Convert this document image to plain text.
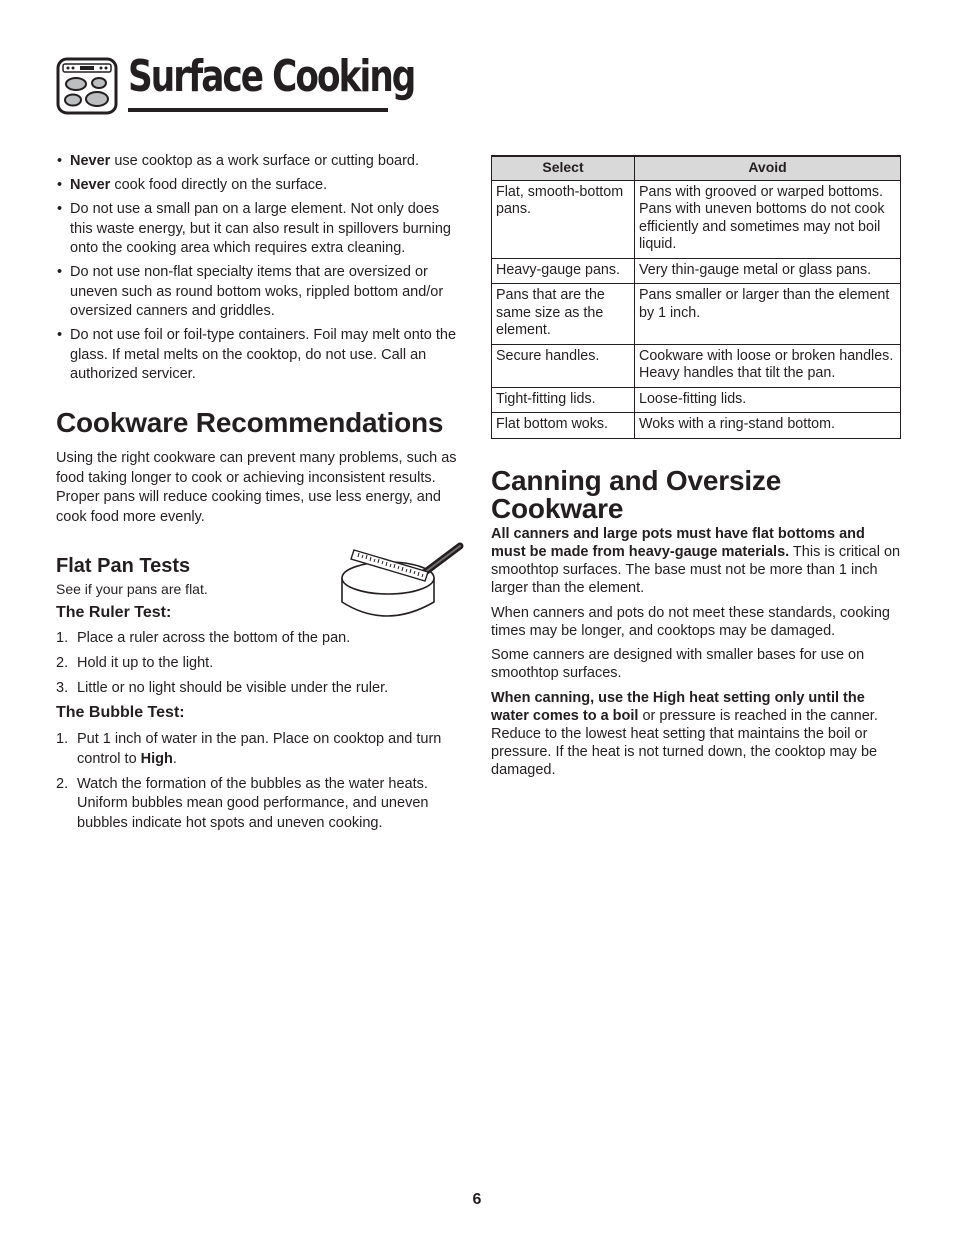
Surface Cooking
• Never use cooktop as a work surface or cutting board.
• Never cook food directly on the surface.
• Do not use a small pan on a large element. Not only does this waste energy, but it can also result in spillovers burning onto the cooking area which requires extra cleaning.
• Do not use non-flat specialty items that are oversized or uneven such as round bottom woks, rippled bottom and/or oversized canners and griddles.
• Do not use foil or foil-type containers. Foil may melt onto the glass. If metal melts on the cooktop, do not use. Call an authorized servicer.
Cookware Recommendations

Using the right cookware can prevent many problems, such as food taking longer to cook or achieving inconsistent results. Proper pans will reduce cooking times, use less energy, and cook food more evenly.

Flat Pan Tests

See if your pans are flat.

The Ruler Test:
1. Place a ruler across the bottom of the pan.
2. Hold it up to the light.
3. Little or no light should be visible under the ruler.
The Bubble Test:
1. Put 1 inch of water in the pan. Place on cooktop and turn control to High.
2. Watch the formation of the bubbles as the water heats. Uniform bubbles mean good performance, and uneven bubbles indicate hot spots and uneven cooking.
Select	Avoid
Flat, smooth-bottom pans.	Pans with grooved or warped bottoms. Pans with uneven bottoms do not cook efficiently and sometimes may not boil liquid.
Heavy-gauge pans.	Very thin-gauge metal or glass pans.
Pans that are the same size as the element.	Pans smaller or larger than the element by 1 inch.
Secure handles.	Cookware with loose or broken handles. Heavy handles that tilt the pan.
Tight-fitting lids.	Loose-fitting lids.
Flat bottom woks.	Woks with a ring-stand bottom.
Canning and Oversize Cookware

All canners and large pots must have flat bottoms and must be made from heavy-gauge materials. This is critical on smoothtop surfaces. The base must not be more than 1 inch larger than the element.

When canners and pots do not meet these standards, cooking times may be longer, and cooktops may be damaged.

Some canners are designed with smaller bases for use on smoothtop surfaces.

When canning, use the High heat setting only until the water comes to a boil or pressure is reached in the canner. Reduce to the lowest heat setting that maintains the boil or pressure. If the heat is not turned down, the cooktop may be damaged.

6
